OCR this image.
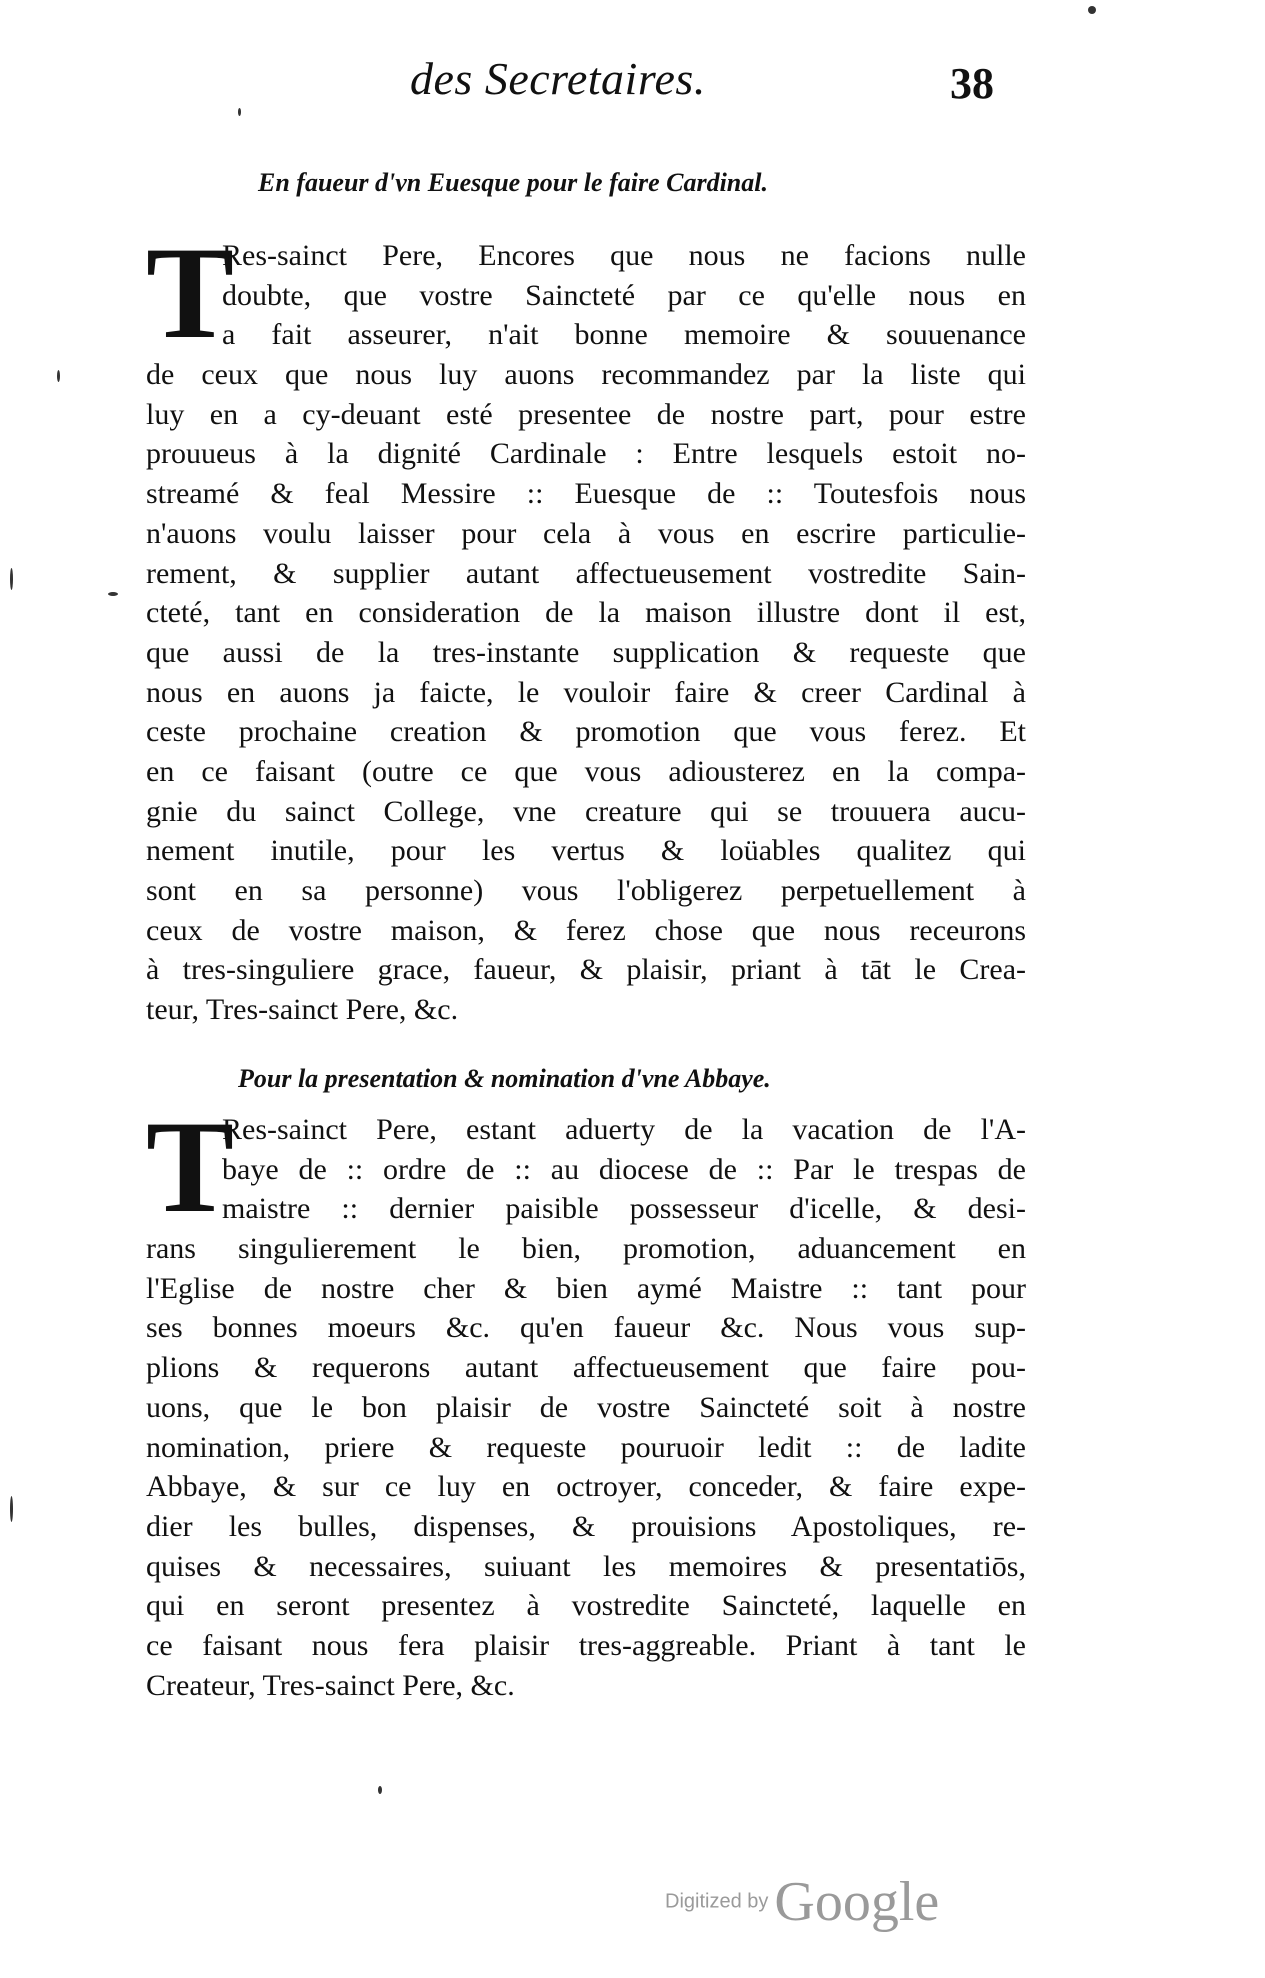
des Secretaires.	38
En faueur d'vn Euesque pour le faire Cardinal.
T
Res-sainct Pere, Encores que nous ne facions nulle
doubte, que vostre Saincteté par ce qu'elle nous en
a fait asseurer, n'ait bonne memoire & souuenance
de ceux que nous luy auons recommandez par la liste qui
luy en a cy-deuant esté presentee de nostre part, pour estre
prouueus à la dignité Cardinale : Entre lesquels estoit no-
streamé & feal Messire :: Euesque de :: Toutesfois nous
n'auons voulu laisser pour cela à vous en escrire particulie-
rement, & supplier autant affectueusement vostredite Sain-
cteté, tant en consideration de la maison illustre dont il est,
que aussi de la tres-instante supplication & requeste que
nous en auons ja faicte, le vouloir faire & creer Cardinal à
ceste prochaine creation & promotion que vous ferez. Et
en ce faisant (outre ce que vous adiousterez en la compa-
gnie du sainct College, vne creature qui se trouuera aucu-
nement inutile, pour les vertus & loüables qualitez qui
sont en sa personne) vous l'obligerez perpetuellement à
ceux de vostre maison, & ferez chose que nous receurons
à tres-singuliere grace, faueur, & plaisir, priant à tāt le Crea-
teur, Tres-sainct Pere, &c.
Pour la presentation & nomination d'vne Abbaye.
T
Res-sainct Pere, estant aduerty de la vacation de l'A-
baye de :: ordre de :: au diocese de :: Par le trespas de
maistre :: dernier paisible possesseur d'icelle, & desi-
rans singulierement le bien, promotion, aduancement en
l'Eglise de nostre cher & bien aymé Maistre :: tant pour
ses bonnes moeurs &c. qu'en faueur &c. Nous vous sup-
plions & requerons autant affectueusement que faire pou-
uons, que le bon plaisir de vostre Saincteté soit à nostre
nomination, priere & requeste pouruoir ledit :: de ladite
Abbaye, & sur ce luy en octroyer, conceder, & faire expe-
dier les bulles, dispenses, & prouisions Apostoliques, re-
quises & necessaires, suiuant les memoires & presentatiōs,
qui en seront presentez à vostredite Saincteté, laquelle en
ce faisant nous fera plaisir tres-aggreable. Priant à tant le
Createur, Tres-sainct Pere, &c.
Digitized by Google
